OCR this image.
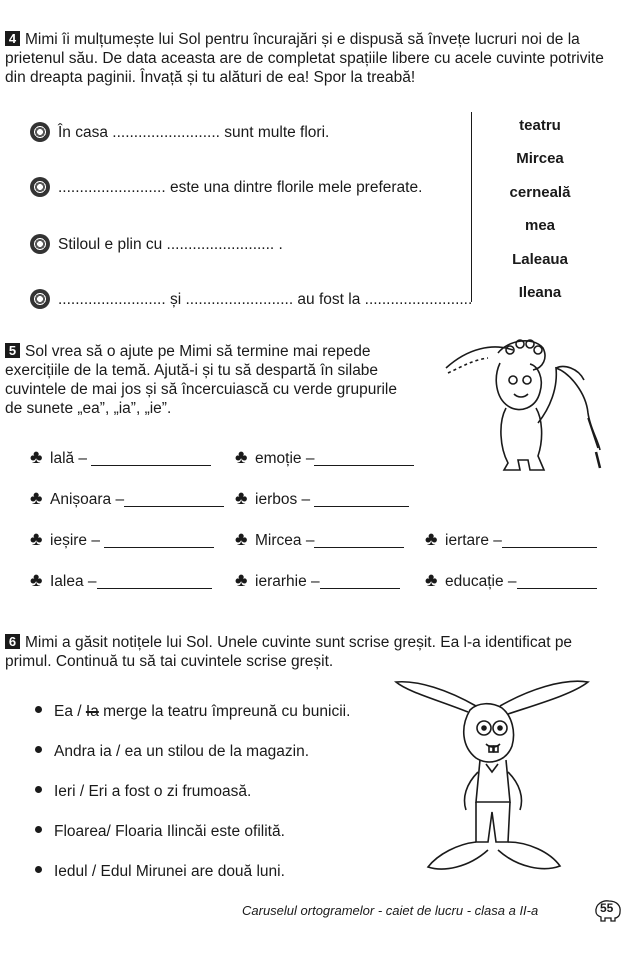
4 Mimi îi mulțumește lui Sol pentru încurajări și e dispusă să învețe lucruri noi de la prietenul său. De data aceasta are de completat spațiile libere cu acele cuvinte potrivite din dreapta paginii. Învață și tu alături de ea! Spor la treabă!
În casa ......................... sunt multe flori.
......................... este una dintre florile mele preferate.
Stiloul e plin cu ......................... .
......................... și ......................... au fost la .........................
teatru
Mircea
cerneală
mea
Laleaua
Ileana
5 Sol vrea să o ajute pe Mimi să termine mai repede exercițiile de la temă. Ajută-i și tu să despartă în silabe cuvintele de mai jos și să încercuiască cu verde grupurile de sunete „ea”, „ia”, „ie”.
♣ lală –	♣ emoție –
♣ Anișoara –	♣ ierbos –
♣ ieșire –	♣ Mircea –	♣ iertare –
♣ Ialea –	♣ ierarhie –	♣ educație –
6 Mimi a găsit notițele lui Sol. Unele cuvinte sunt scrise greșit. Ea l-a identificat pe primul. Continuă tu să tai cuvintele scrise greșit.
Ea / Ia merge la teatru împreună cu bunicii.
Andra ia / ea un stilou de la magazin.
Ieri / Eri a fost o zi frumoasă.
Floarea/ Floaria Ilincăi este ofilită.
Iedul / Edul Mirunei are două luni.
Caruselul ortogramelor - caiet de lucru - clasa a II-a	55
